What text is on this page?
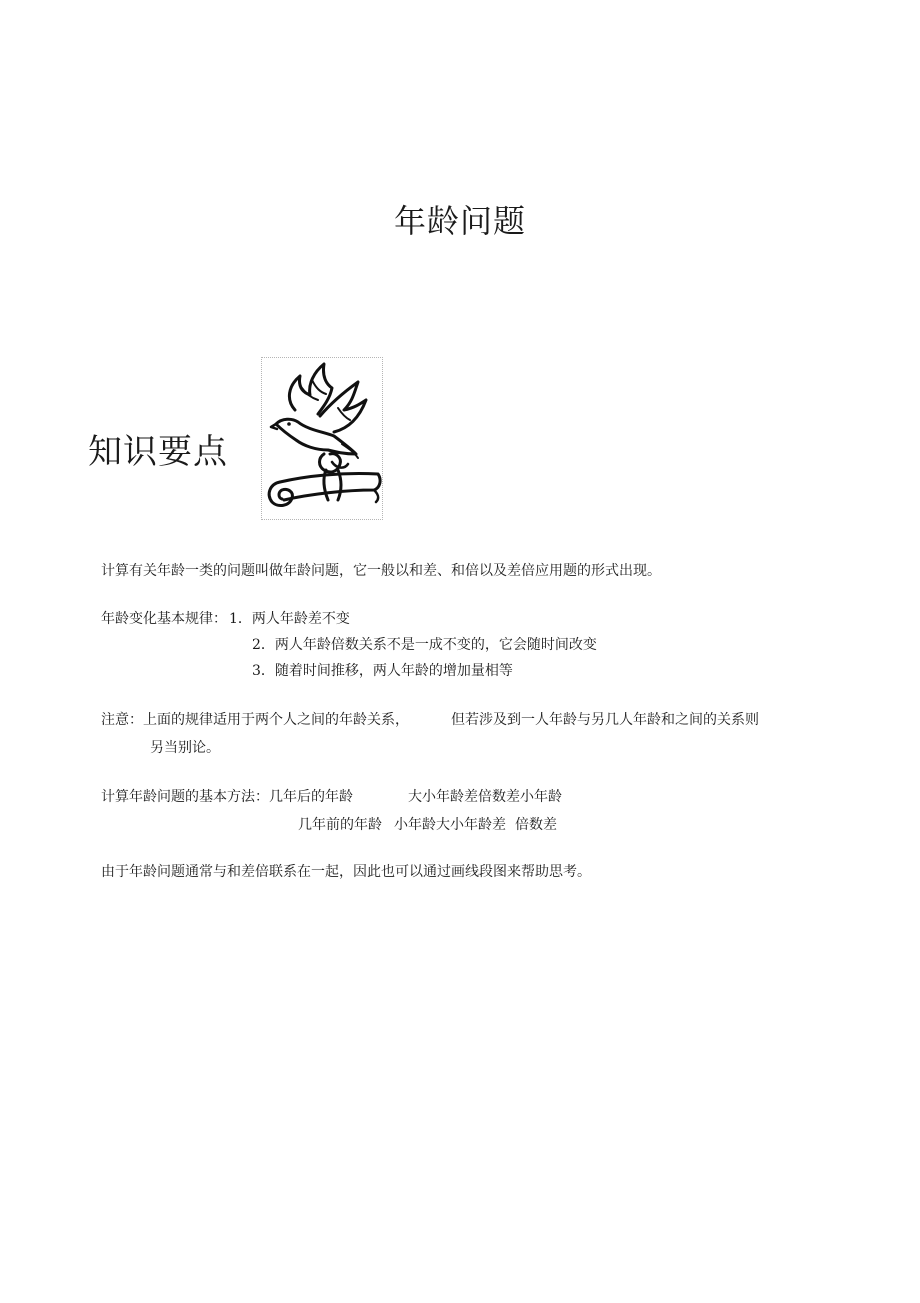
年龄问题
知识要点
计算有关年龄一类的问题叫做年龄问题，它一般以和差、和倍以及差倍应用题的形式出现。
年龄变化基本规律： 1．两人年龄差不变
2．两人年龄倍数关系不是一成不变的，它会随时间改变
3．随着时间推移，两人年龄的增加量相等
注意：上面的规律适用于两个人之间的年龄关系，	但若涉及到一人年龄与另几人年龄和之间的关系则
另当别论。
计算年龄问题的基本方法：几年后的年龄	大小年龄差倍数差小年龄
几年前的年龄 小年龄大小年龄差 倍数差
由于年龄问题通常与和差倍联系在一起，因此也可以通过画线段图来帮助思考。
